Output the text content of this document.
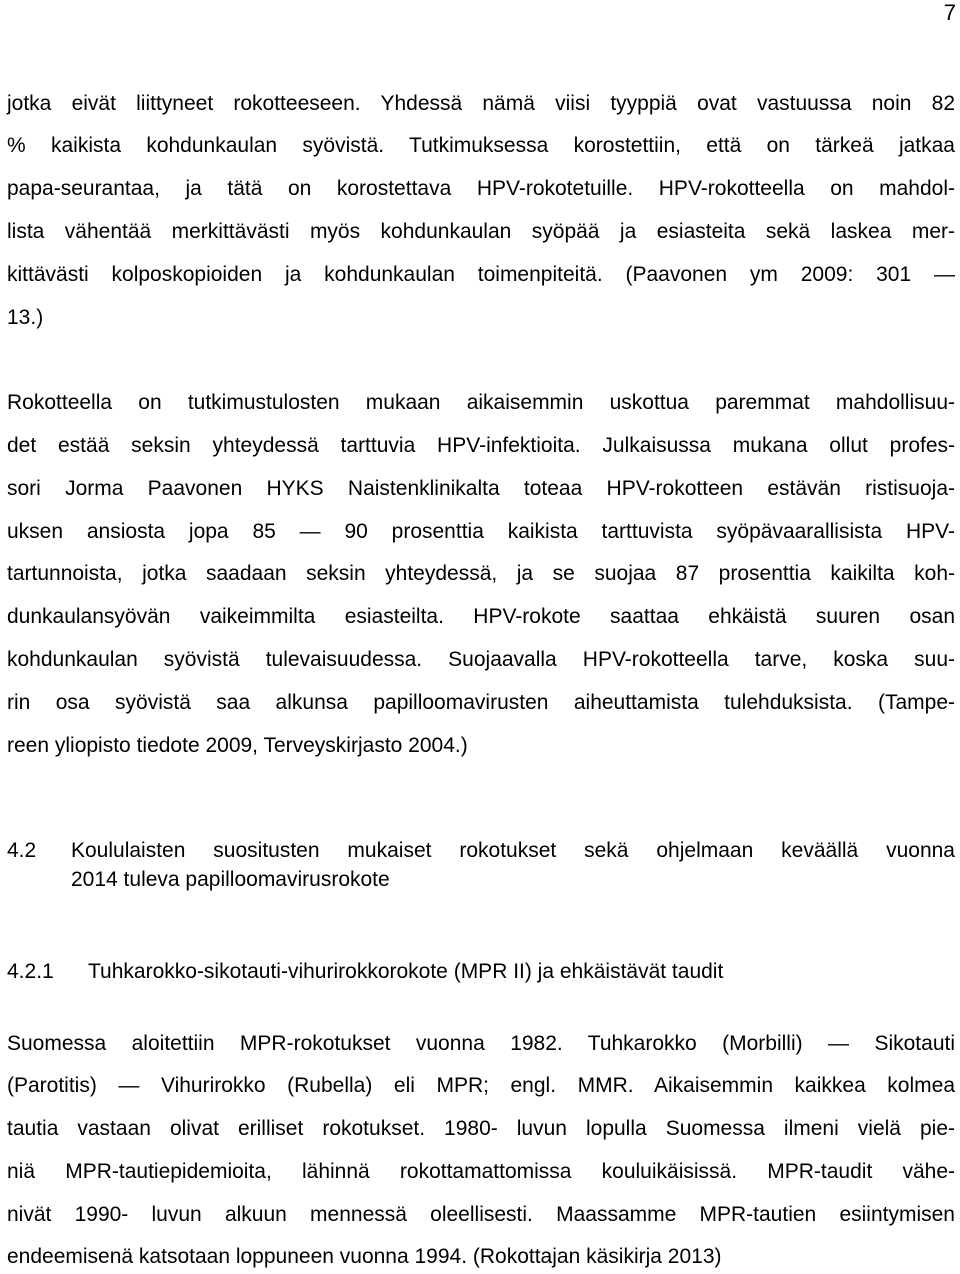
7
jotka eivät liittyneet rokotteeseen. Yhdessä nämä viisi tyyppiä ovat vastuussa noin 82
% kaikista kohdunkaulan syövistä. Tutkimuksessa korostettiin, että on tärkeä jatkaa
papa-seurantaa, ja tätä on korostettava HPV-rokotetuille. HPV-rokotteella on mahdol-
lista vähentää merkittävästi myös kohdunkaulan syöpää ja esiasteita sekä laskea mer-
kittävästi kolposkopioiden ja kohdunkaulan toimenpiteitä. (Paavonen ym 2009: 301 ―
13.)
Rokotteella on tutkimustulosten mukaan aikaisemmin uskottua paremmat mahdollisuu-
det estää seksin yhteydessä tarttuvia HPV-infektioita. Julkaisussa mukana ollut profes-
sori Jorma Paavonen HYKS Naistenklinikalta toteaa HPV-rokotteen estävän ristisuoja-
uksen ansiosta jopa 85 ― 90 prosenttia kaikista tarttuvista syöpävaarallisista HPV-
tartunnoista, jotka saadaan seksin yhteydessä, ja se suojaa 87 prosenttia kaikilta koh-
dunkaulansyövän vaikeimmilta esiasteilta. HPV-rokote saattaa ehkäistä suuren osan
kohdunkaulan syövistä tulevaisuudessa. Suojaavalla HPV-rokotteella tarve, koska suu-
rin osa syövistä saa alkunsa papilloomavirusten aiheuttamista tulehduksista. (Tampe-
reen yliopisto tiedote 2009, Terveyskirjasto 2004.)
4.2 Koululaisten suositusten mukaiset rokotukset sekä ohjelmaan keväällä vuonna
2014 tuleva papilloomavirusrokote
4.2.1 Tuhkarokko-sikotauti-vihurirokkorokote (MPR II) ja ehkäistävät taudit
Suomessa aloitettiin MPR-rokotukset vuonna 1982. Tuhkarokko (Morbilli) ― Sikotauti
(Parotitis) ― Vihurirokko (Rubella) eli MPR; engl. MMR. Aikaisemmin kaikkea kolmea
tautia vastaan olivat erilliset rokotukset. 1980- luvun lopulla Suomessa ilmeni vielä pie-
niä MPR-tautiepidemioita, lähinnä rokottamattomissa kouluikäisissä. MPR-taudit vähe-
nivät 1990- luvun alkuun mennessä oleellisesti. Maassamme MPR-tautien esiintymisen
endeemisenä katsotaan loppuneen vuonna 1994. (Rokottajan käsikirja 2013)
